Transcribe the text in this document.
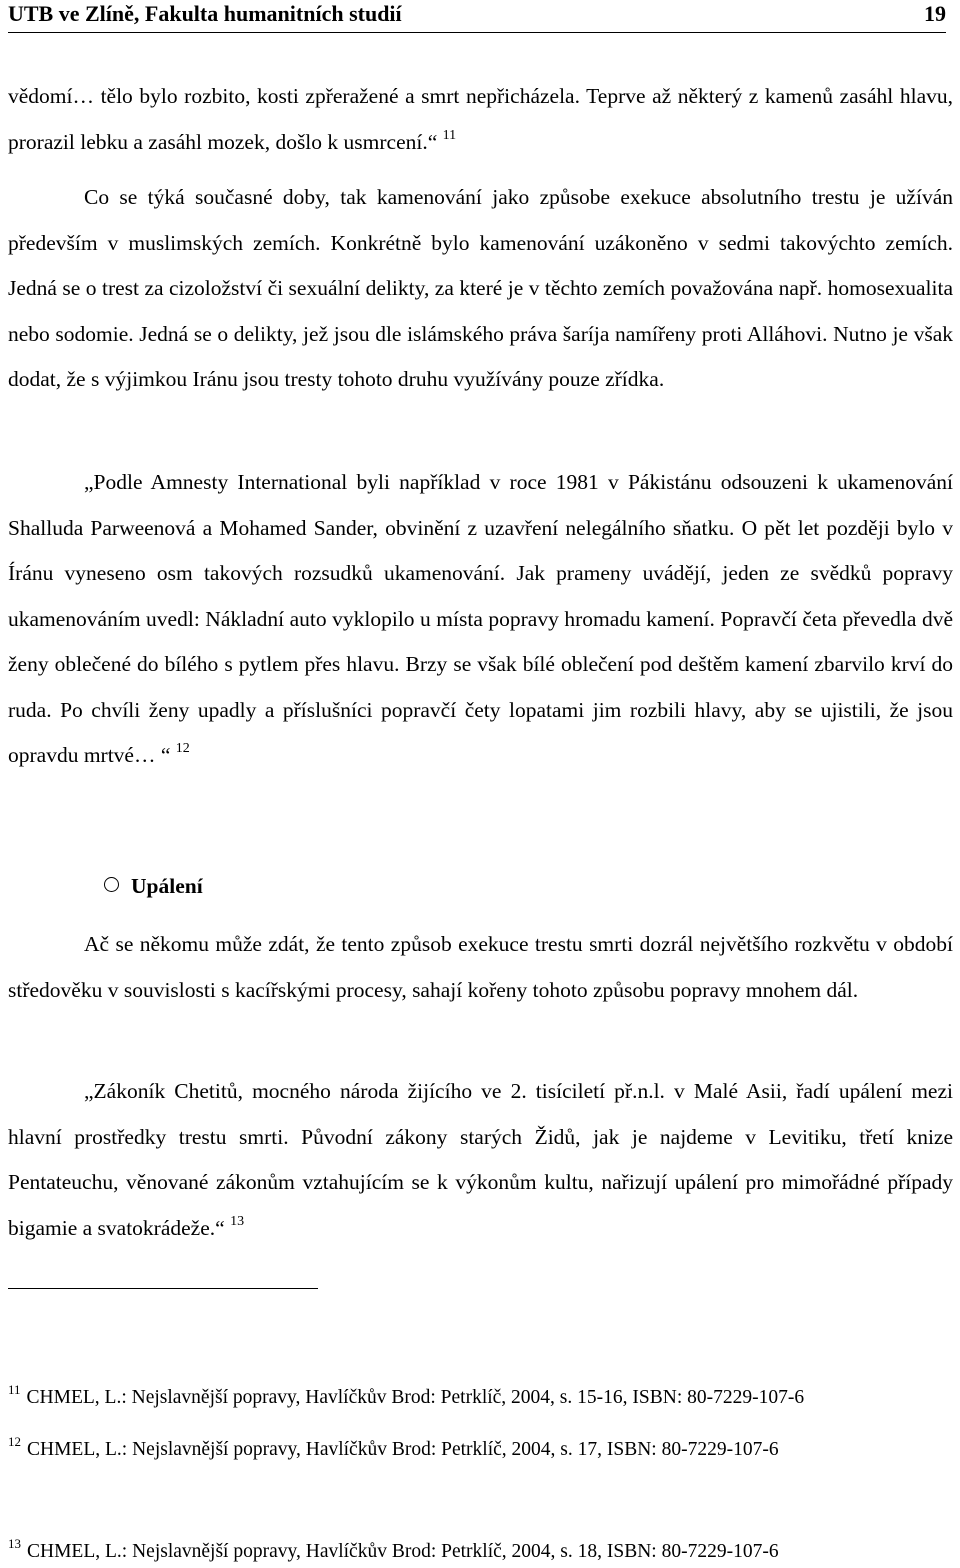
UTB ve Zlíně, Fakulta humanitních studií	19
vědomí… tělo bylo rozbito, kosti zpřeražené a smrt nepřicházela. Teprve až některý z kamenů zasáhl hlavu, prorazil lebku a zasáhl mozek, došlo k usmrcení.“ $^{11}$
Co se týká současné doby, tak kamenování jako způsobe exekuce absolutního trestu je užíván především v muslimských zemích. Konkrétně bylo kamenování uzákoněno v sedmi takovýchto zemích. Jedná se o trest za cizoložství či sexuální delikty, za které je v těchto zemích považována např. homosexualita nebo sodomie. Jedná se o delikty, jež jsou dle islámského práva šaríja namířeny proti Alláhovi. Nutno je však dodat, že s výjimkou Iránu jsou tresty tohoto druhu využívány pouze zřídka.
„Podle Amnesty International byli například v roce 1981 v Pákistánu odsouzeni k ukamenování Shalluda Parweenová a Mohamed Sander, obvinění z uzavření nelegálního sňatku. O pět let později bylo v Íránu vyneseno osm takových rozsudků ukamenování. Jak prameny uvádějí, jeden ze svědků popravy ukamenováním uvedl: Nákladní auto vyklopilo u místa popravy hromadu kamení. Popravčí četa převedla dvě ženy oblečené do bílého s pytlem přes hlavu. Brzy se však bílé oblečení pod deštěm kamení zbarvilo krví do ruda. Po chvíli ženy upadly a příslušníci popravčí čety lopatami jim rozbili hlavy, aby se ujistili, že jsou opravdu mrtvé… “ $^{12}$
Upálení
Ač se někomu může zdát, že tento způsob exekuce trestu smrti dozrál největšího rozkvětu v období středověku v souvislosti s kacířskými procesy, sahají kořeny tohoto způsobu popravy mnohem dál.
„Zákoník Chetitů, mocného národa žijícího ve 2. tisíciletí př.n.l. v Malé Asii, řadí upálení mezi hlavní prostředky trestu smrti. Původní zákony starých Židů, jak je najdeme v Levitiku, třetí knize Pentateuchu, věnované zákonům vztahujícím se k výkonům kultu, nařizují upálení pro mimořádné případy bigamie a svatokrádeže.“ $^{13}$
$^{11}$ CHMEL, L.: Nejslavnější popravy, Havlíčkův Brod: Petrklíč, 2004, s. 15-16, ISBN: 80-7229-107-6
$^{12}$ CHMEL, L.: Nejslavnější popravy, Havlíčkův Brod: Petrklíč, 2004, s. 17, ISBN: 80-7229-107-6
$^{13}$ CHMEL, L.: Nejslavnější popravy, Havlíčkův Brod: Petrklíč, 2004, s. 18, ISBN: 80-7229-107-6
